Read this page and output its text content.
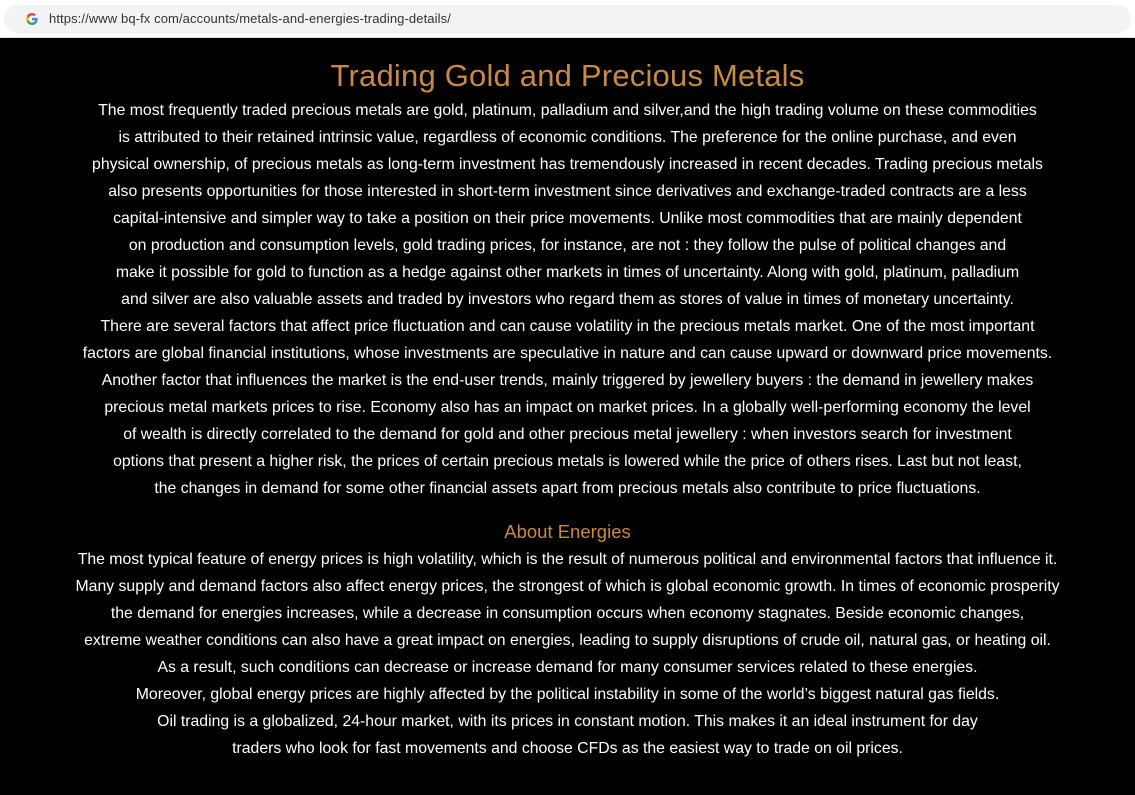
https://www bq-fx com/accounts/metals-and-energies-trading-details/
Trading Gold and Precious Metals

The most frequently traded precious metals are gold, platinum, palladium and silver,and the high trading volume on these commodities
is attributed to their retained intrinsic value, regardless of economic conditions. The preference for the online purchase, and even
physical ownership, of precious metals as long-term investment has tremendously increased in recent decades. Trading precious metals
also presents opportunities for those interested in short-term investment since derivatives and exchange-traded contracts are a less
capital-intensive and simpler way to take a position on their price movements. Unlike most commodities that are mainly dependent
on production and consumption levels, gold trading prices, for instance, are not : they follow the pulse of political changes and
make it possible for gold to function as a hedge against other markets in times of uncertainty. Along with gold, platinum, palladium
and silver are also valuable assets and traded by investors who regard them as stores of value in times of monetary uncertainty.
There are several factors that affect price fluctuation and can cause volatility in the precious metals market. One of the most important
factors are global financial institutions, whose investments are speculative in nature and can cause upward or downward price movements.
Another factor that influences the market is the end-user trends, mainly triggered by jewellery buyers : the demand in jewellery makes
precious metal markets prices to rise. Economy also has an impact on market prices. In a globally well-performing economy the level
of wealth is directly correlated to the demand for gold and other precious metal jewellery : when investors search for investment
options that present a higher risk, the prices of certain precious metals is lowered while the price of others rises. Last but not least,
the changes in demand for some other financial assets apart from precious metals also contribute to price fluctuations.

About Energies

The most typical feature of energy prices is high volatility, which is the result of numerous political and environmental factors that influence it.
Many supply and demand factors also affect energy prices, the strongest of which is global economic growth. In times of economic prosperity
the demand for energies increases, while a decrease in consumption occurs when economy stagnates. Beside economic changes,
extreme weather conditions can also have a great impact on energies, leading to supply disruptions of crude oil, natural gas, or heating oil.
As a result, such conditions can decrease or increase demand for many consumer services related to these energies.
Moreover, global energy prices are highly affected by the political instability in some of the world’s biggest natural gas fields.
Oil trading is a globalized, 24-hour market, with its prices in constant motion. This makes it an ideal instrument for day
traders who look for fast movements and choose CFDs as the easiest way to trade on oil prices.
